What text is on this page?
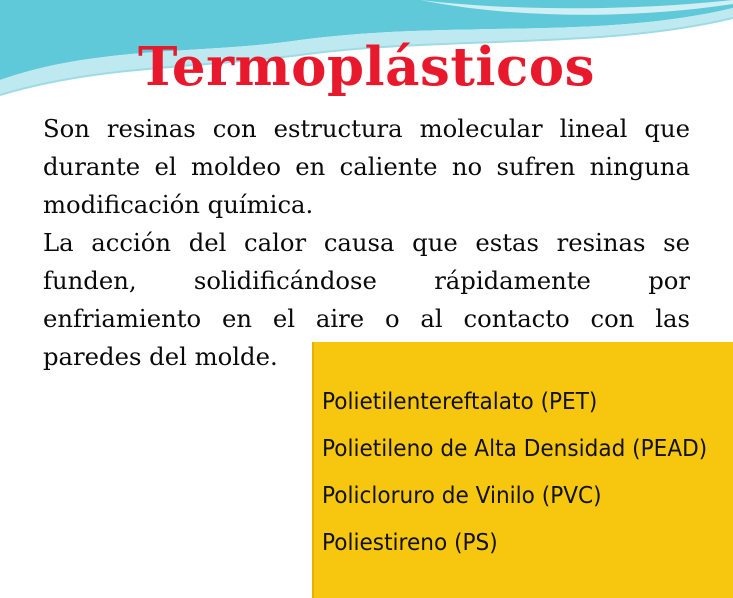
Termoplásticos

Son resinas con estructura molecular lineal que durante el moldeo en caliente no sufren ninguna modificación química.

La acción del calor causa que estas resinas se funden, solidificándose rápidamente por enfriamiento en el aire o al contacto con las paredes del molde.

Polietilentereftalato (PET)
Polietileno de Alta Densidad (PEAD)
Policloruro de Vinilo (PVC)
Poliestireno (PS)
